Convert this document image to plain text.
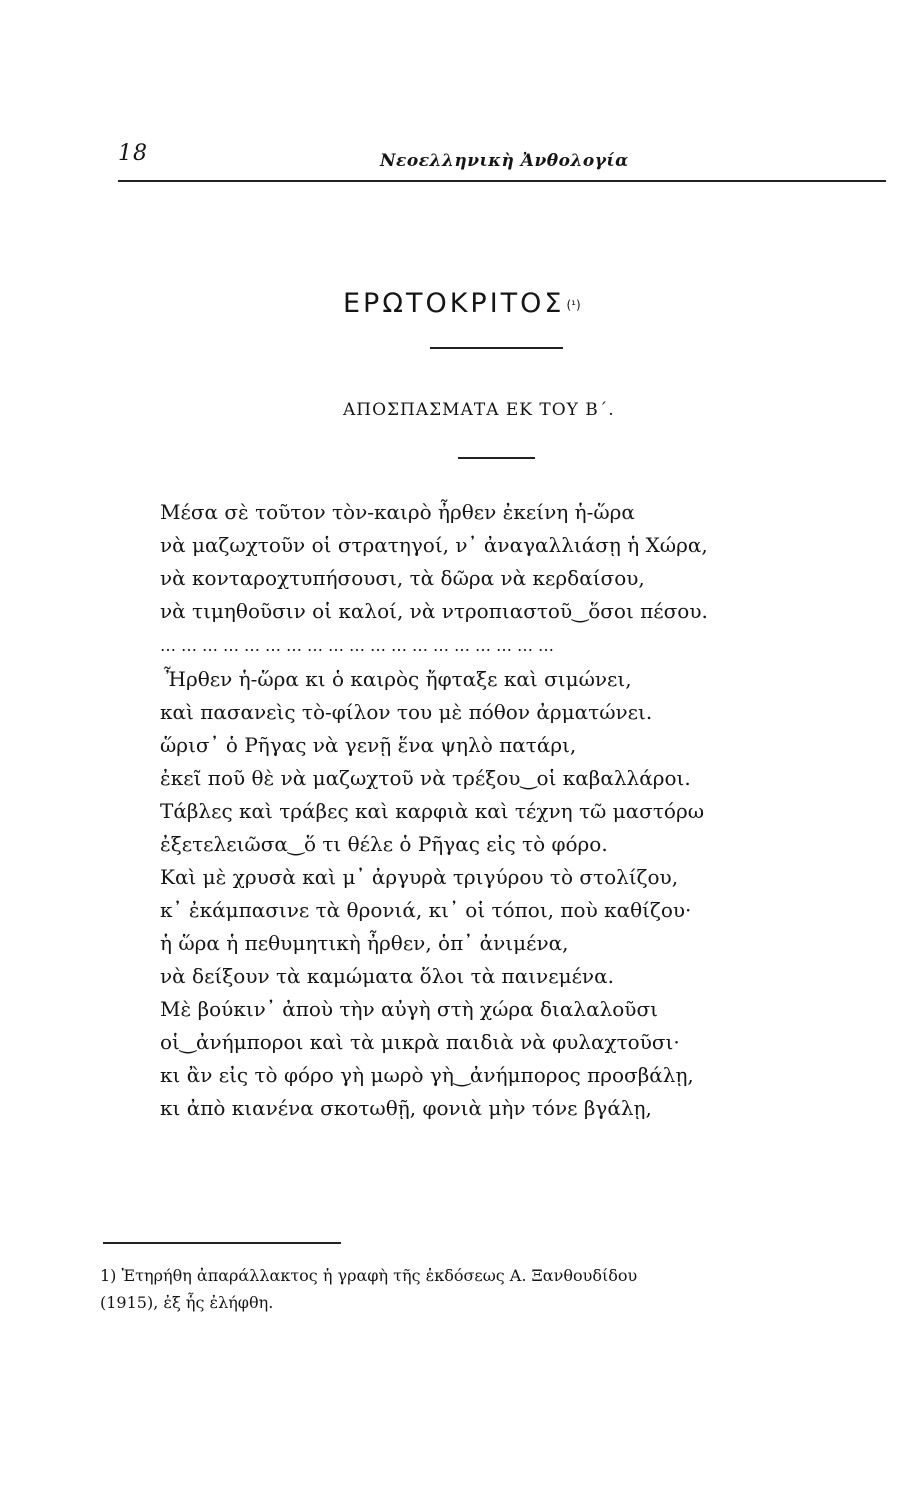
18	Νεοελληνικὴ Ἀνθολογία
ΕΡΩΤΟΚΡΙΤΟΣ (¹)
ΑΠΟΣΠΑΣΜΑΤΑ ΕΚ ΤΟΥ Β΄.
Μέσα σὲ τοῦτον τὸν-καιρὸ ἦρθεν ἐκείνη ἡ-ὥρα
νὰ μαζωχτοῦν οἱ στρατηγοί, ν᾽ ἀναγαλλιάσῃ ἡ Χώρα,
νὰ κονταροχτυπήσουσι, τὰ δῶρα νὰ κερδαίσου,
νὰ τιμηθοῦσιν οἱ καλοί, νὰ ντροπιαστοῦ‿ὅσοι πέσου.
…………………………………………………
Ἦρθεν ἡ-ὥρα κι ὁ καιρὸς ἤφταξε καὶ σιμώνει,
καὶ πασανεὶς τὸ-φίλον του μὲ πόθον ἀρματώνει.
ὥρισ᾽ ὁ Ρῆγας νὰ γενῇ ἕνα ψηλὸ πατάρι,
ἐκεῖ ποῦ θὲ νὰ μαζωχτοῦ νὰ τρέξου‿οἱ καβαλλάροι.
Τάβλες καὶ τράβες καὶ καρφιὰ καὶ τέχνη τῶ μαστόρω
ἐξετελειῶσα‿ὅ τι θέλε ὁ Ρῆγας εἰς τὸ φόρο.
Καὶ μὲ χρυσὰ καὶ μ᾽ ἀργυρὰ τριγύρου τὸ στολίζου,
κ᾽ ἐκάμπασινε τὰ θρονιά, κι᾽ οἱ τόποι, ποὺ καθίζου·
ἡ ὥρα ἡ πεθυμητικὴ ἦρθεν, ὁπ᾽ ἀνιμένα,
νὰ δείξουν τὰ καμώματα ὅλοι τὰ παινεμένα.
Μὲ βούκιν᾽ ἀποὺ τὴν αὐγὴ στὴ χώρα διαλαλοῦσι
οἱ‿ἀνήμποροι καὶ τὰ μικρὰ παιδιὰ νὰ φυλαχτοῦσι·
κι ἂν εἰς τὸ φόρο γὴ μωρὸ γὴ‿ἀνήμπορος προσβάλῃ,
κι ἀπὸ κιανένα σκοτωθῇ, φονιὰ μὴν τόνε βγάλῃ,
1) Ἐτηρήθη ἀπαράλλακτος ἡ γραφὴ τῆς ἐκδόσεως Α. Ξανθουδίδου
(1915), ἐξ ἧς ἐλήφθη.
